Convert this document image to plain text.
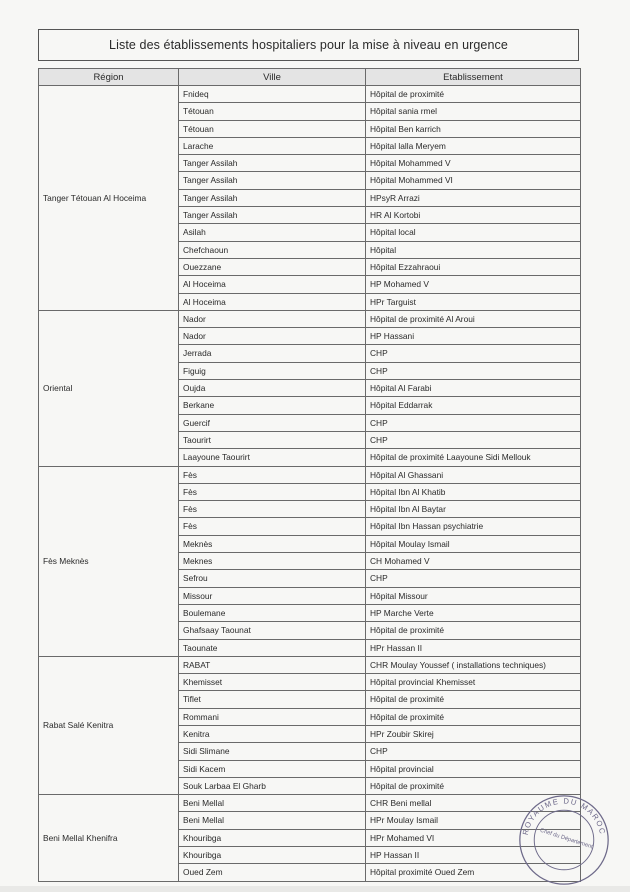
Liste des établissements hospitaliers pour la mise à niveau en urgence
Région	Ville	Etablissement
Tanger Tétouan Al Hoceima	Fnideq	Hôpital de proximité
	Tétouan	Hôpital sania rmel
	Tétouan	Hôpital Ben karrich
	Larache	Hôpital lalla Meryem
	Tanger Assilah	Hôpital Mohammed V
	Tanger Assilah	Hôpital Mohammed VI
	Tanger Assilah	HPsyR Arrazi
	Tanger Assilah	HR Al Kortobi
	Asilah	Hôpital local
	Chefchaoun	Hôpital
	Ouezzane	Hôpital Ezzahraoui
	Al Hoceima	HP Mohamed V
	Al Hoceima	HPr Targuist
Oriental	Nador	Hôpital de proximité Al Aroui
	Nador	HP Hassani
	Jerrada	CHP
	Figuig	CHP
	Oujda	Hôpital Al Farabi
	Berkane	Hôpital Eddarrak
	Guercif	CHP
	Taourirt	CHP
	Laayoune Taourirt	Hôpital de proximité Laayoune Sidi Mellouk
Fès Meknès	Fès	Hôpital Al Ghassani
	Fès	Hôpital Ibn Al Khatib
	Fès	Hôpital Ibn Al Baytar
	Fès	Hôpital Ibn Hassan psychiatrie
	Meknès	Hôpital Moulay Ismail
	Meknes	CH Mohamed V
	Sefrou	CHP
	Missour	Hôpital Missour
	Boulemane	HP Marche Verte
	Ghafsaay Taounat	Hôpital de proximité
	Taounate	HPr Hassan II
Rabat Salé Kenitra	RABAT	CHR Moulay Youssef ( installations techniques)
	Khemisset	Hôpital provincial Khemisset
	Tiflet	Hôpital de proximité
	Rommani	Hôpital de proximité
	Kenitra	HPr Zoubir Skirej
	Sidi Slimane	CHP
	Sidi Kacem	Hôpital provincial
	Souk Larbaa El Gharb	Hôpital de proximité
Beni Mellal Khenifra	Beni Mellal	CHR Beni mellal
	Beni Mellal	HPr Moulay Ismail
	Khouribga	HPr Mohamed VI
	Khouribga	HP Hassan II
	Oued Zem	Hôpital proximité Oued Zem
ROYAUME DU MAROC
Chef du Département
